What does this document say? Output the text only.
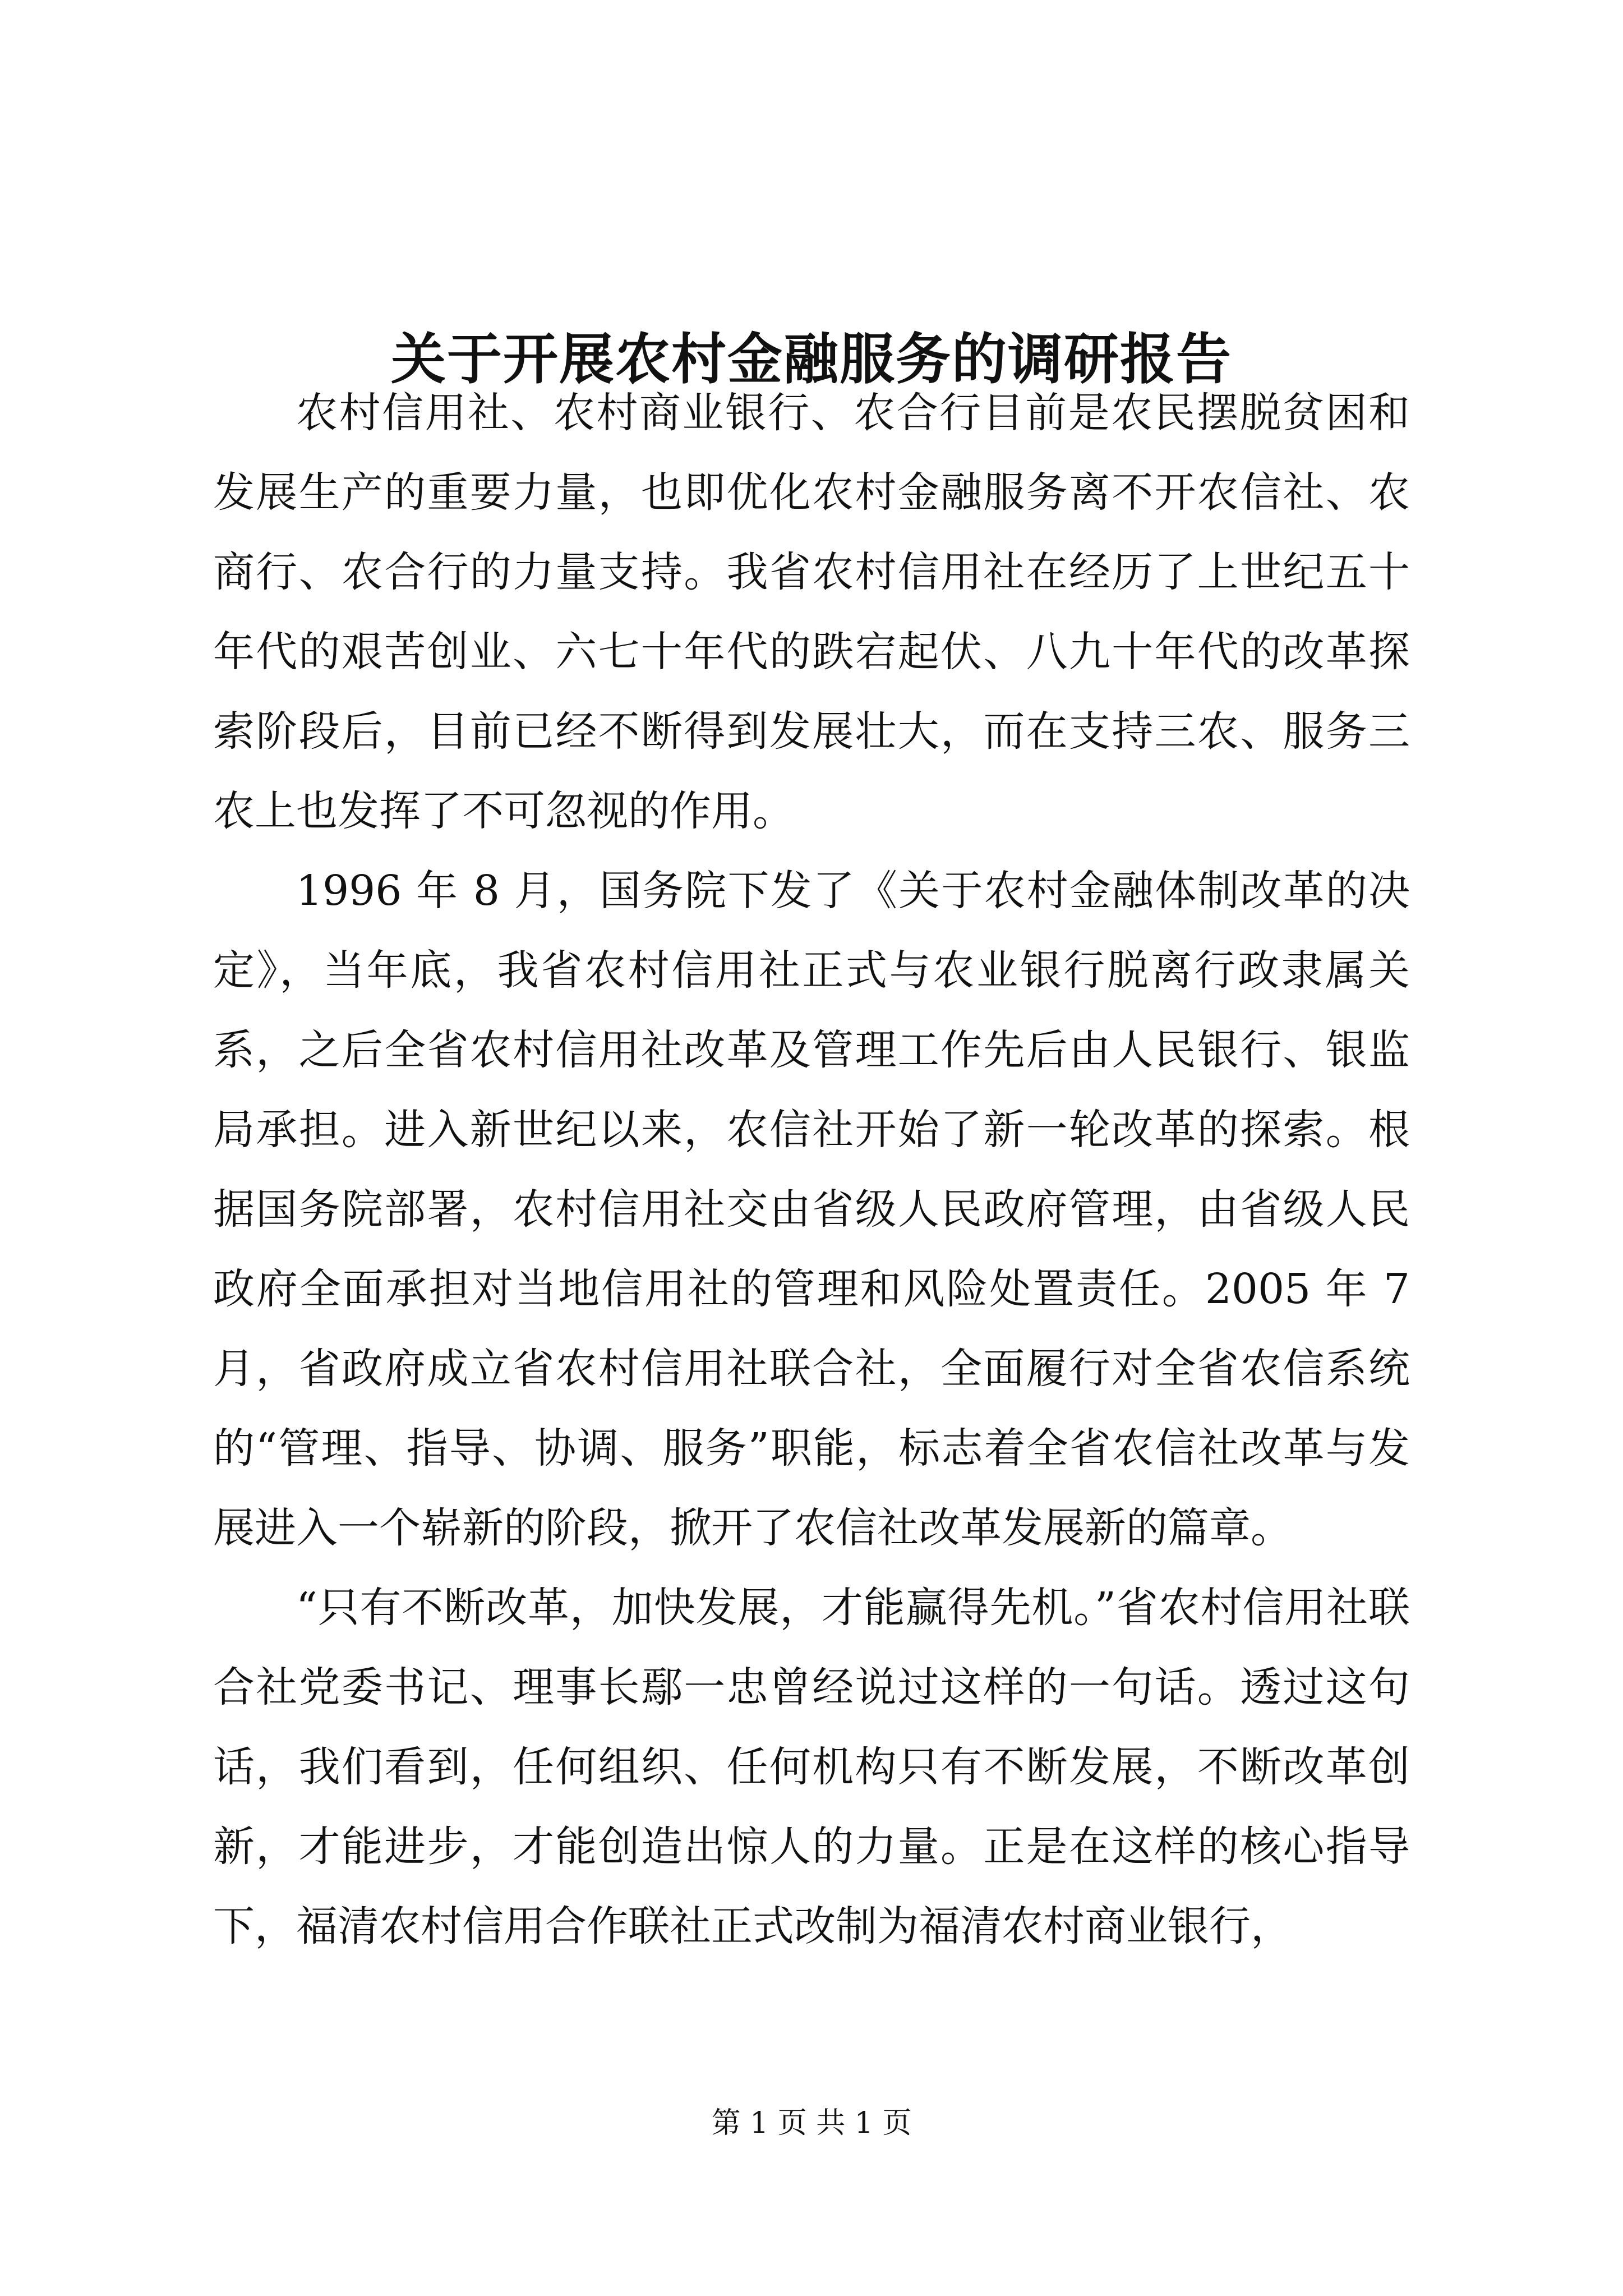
关于开展农村金融服务的调研报告

农村信用社、农村商业银行、农合行目前是农民摆脱贫困和发展生产的重要力量，也即优化农村金融服务离不开农信社、农商行、农合行的力量支持。我省农村信用社在经历了上世纪五十年代的艰苦创业、六七十年代的跌宕起伏、八九十年代的改革探索阶段后，目前已经不断得到发展壮大，而在支持三农、服务三农上也发挥了不可忽视的作用。

1996 年 8 月，国务院下发了《关于农村金融体制改革的决定》，当年底，我省农村信用社正式与农业银行脱离行政隶属关系，之后全省农村信用社改革及管理工作先后由人民银行、银监局承担。进入新世纪以来，农信社开始了新一轮改革的探索。根据国务院部署，农村信用社交由省级人民政府管理，由省级人民政府全面承担对当地信用社的管理和风险处置责任。2005 年 7 月，省政府成立省农村信用社联合社，全面履行对全省农信系统的“管理、指导、协调、服务”职能，标志着全省农信社改革与发展进入一个崭新的阶段，掀开了农信社改革发展新的篇章。

“只有不断改革，加快发展，才能赢得先机。”省农村信用社联合社党委书记、理事长鄢一忠曾经说过这样的一句话。透过这句话，我们看到，任何组织、任何机构只有不断发展，不断改革创新，才能进步，才能创造出惊人的力量。正是在这样的核心指导下，福清农村信用合作联社正式改制为福清农村商业银行，

第 1 页 共 1 页
